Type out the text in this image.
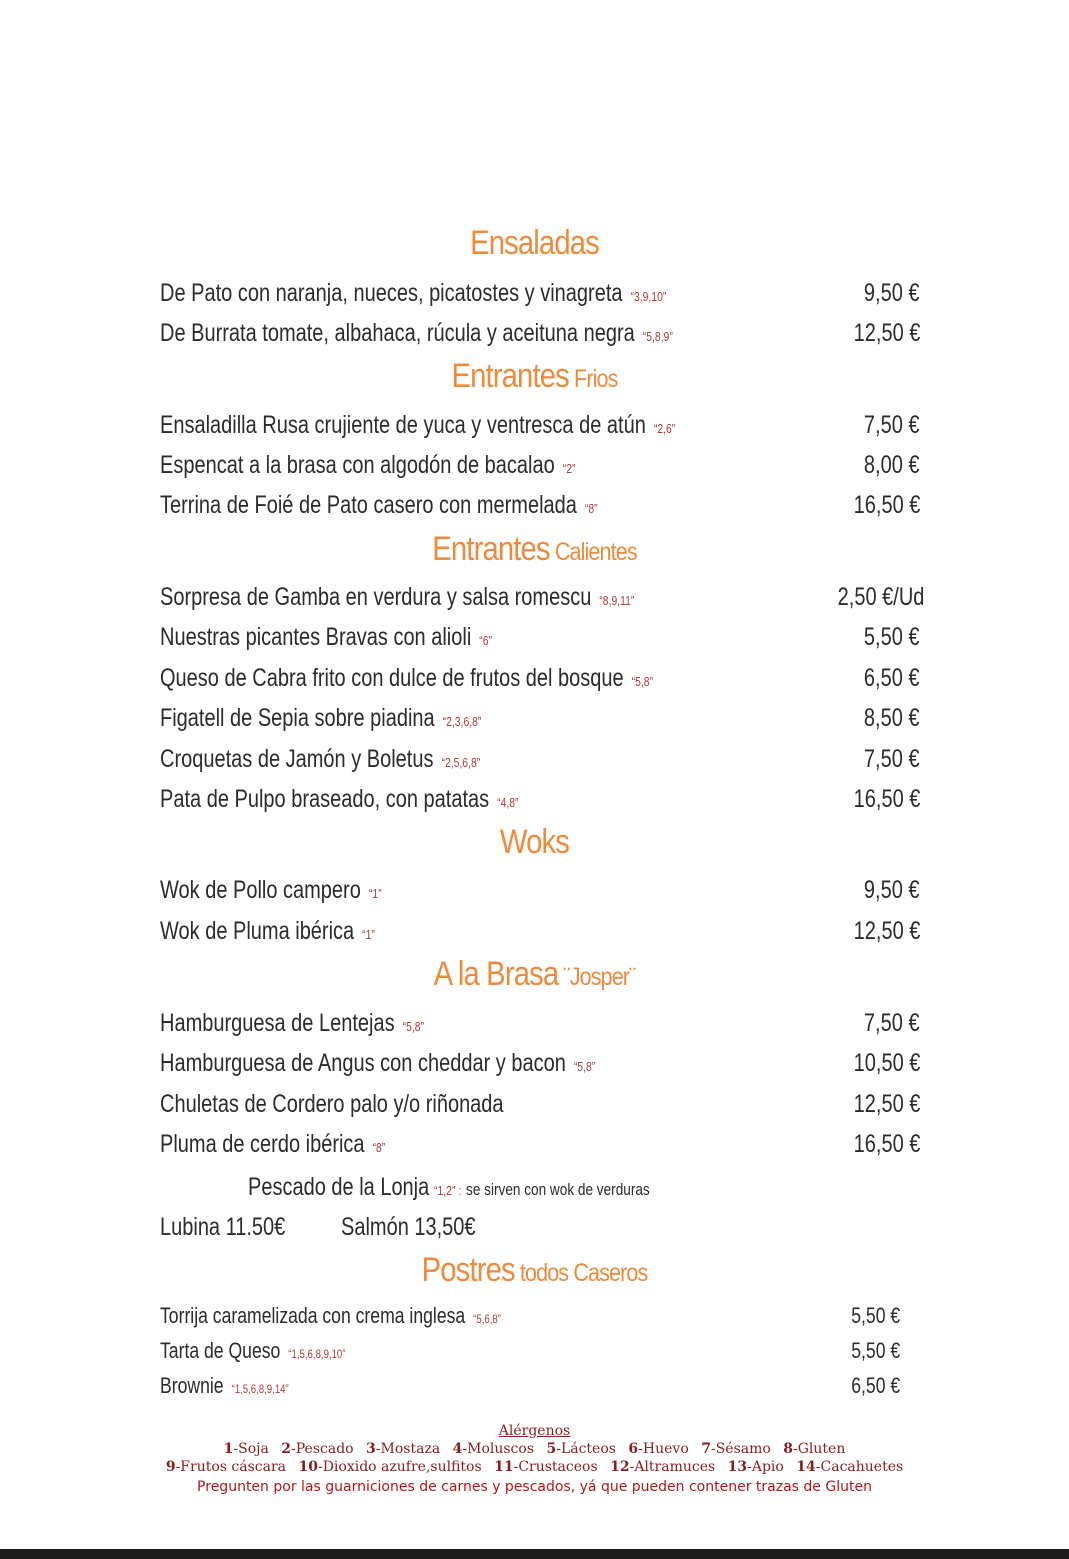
Ensaladas
De Pato con naranja, nueces, picatostes y vinagreta “3,9,10”	9,50 €
De Burrata tomate, albahaca, rúcula y aceituna negra “5,8,9”	12,50 €
Entrantes Frios
Ensaladilla Rusa crujiente de yuca y ventresca de atún “2,6”	7,50 €
Espencat a la brasa con algodón de bacalao “2”	8,00 €
Terrina de Foié de Pato casero con mermelada “8”	16,50 €
Entrantes Calientes
Sorpresa de Gamba en verdura y salsa romescu “8,9,11”	2,50 €/Ud
Nuestras picantes Bravas con alioli “6”	5,50 €
Queso de Cabra frito con dulce de frutos del bosque “5,8”	6,50 €
Figatell de Sepia sobre piadina “2,3,6,8”	8,50 €
Croquetas de Jamón y Boletus “2,5,6,8”	7,50 €
Pata de Pulpo braseado, con patatas “4,8”	16,50 €
Woks
Wok de Pollo campero “1”	9,50 €
Wok de Pluma ibérica “1”	12,50 €
A la Brasa ¨Josper¨
Hamburguesa de Lentejas “5,8”	7,50 €
Hamburguesa de Angus con cheddar y bacon “5,8”	10,50 €
Chuletas de Cordero palo y/o riñonada	12,50 €
Pluma de cerdo ibérica “8”	16,50 €
Pescado de la Lonja “1,2” : se sirven con wok de verduras
Lubina 11.50€ Salmón 13,50€
Postres todos Caseros
Torrija caramelizada con crema inglesa “5,6,8”	5,50 €
Tarta de Queso “1,5,6,8,9,10”	5,50 €
Brownie “1,5,6,8,9,14”	6,50 €
Alérgenos
1-Soja 2-Pescado 3-Mostaza 4-Moluscos 5-Lácteos 6-Huevo 7-Sésamo 8-Gluten
9-Frutos cáscara 10-Dioxido azufre,sulfitos 11-Crustaceos 12-Altramuces 13-Apio 14-Cacahuetes
Pregunten por las guarniciones de carnes y pescados, yá que pueden contener trazas de Gluten
